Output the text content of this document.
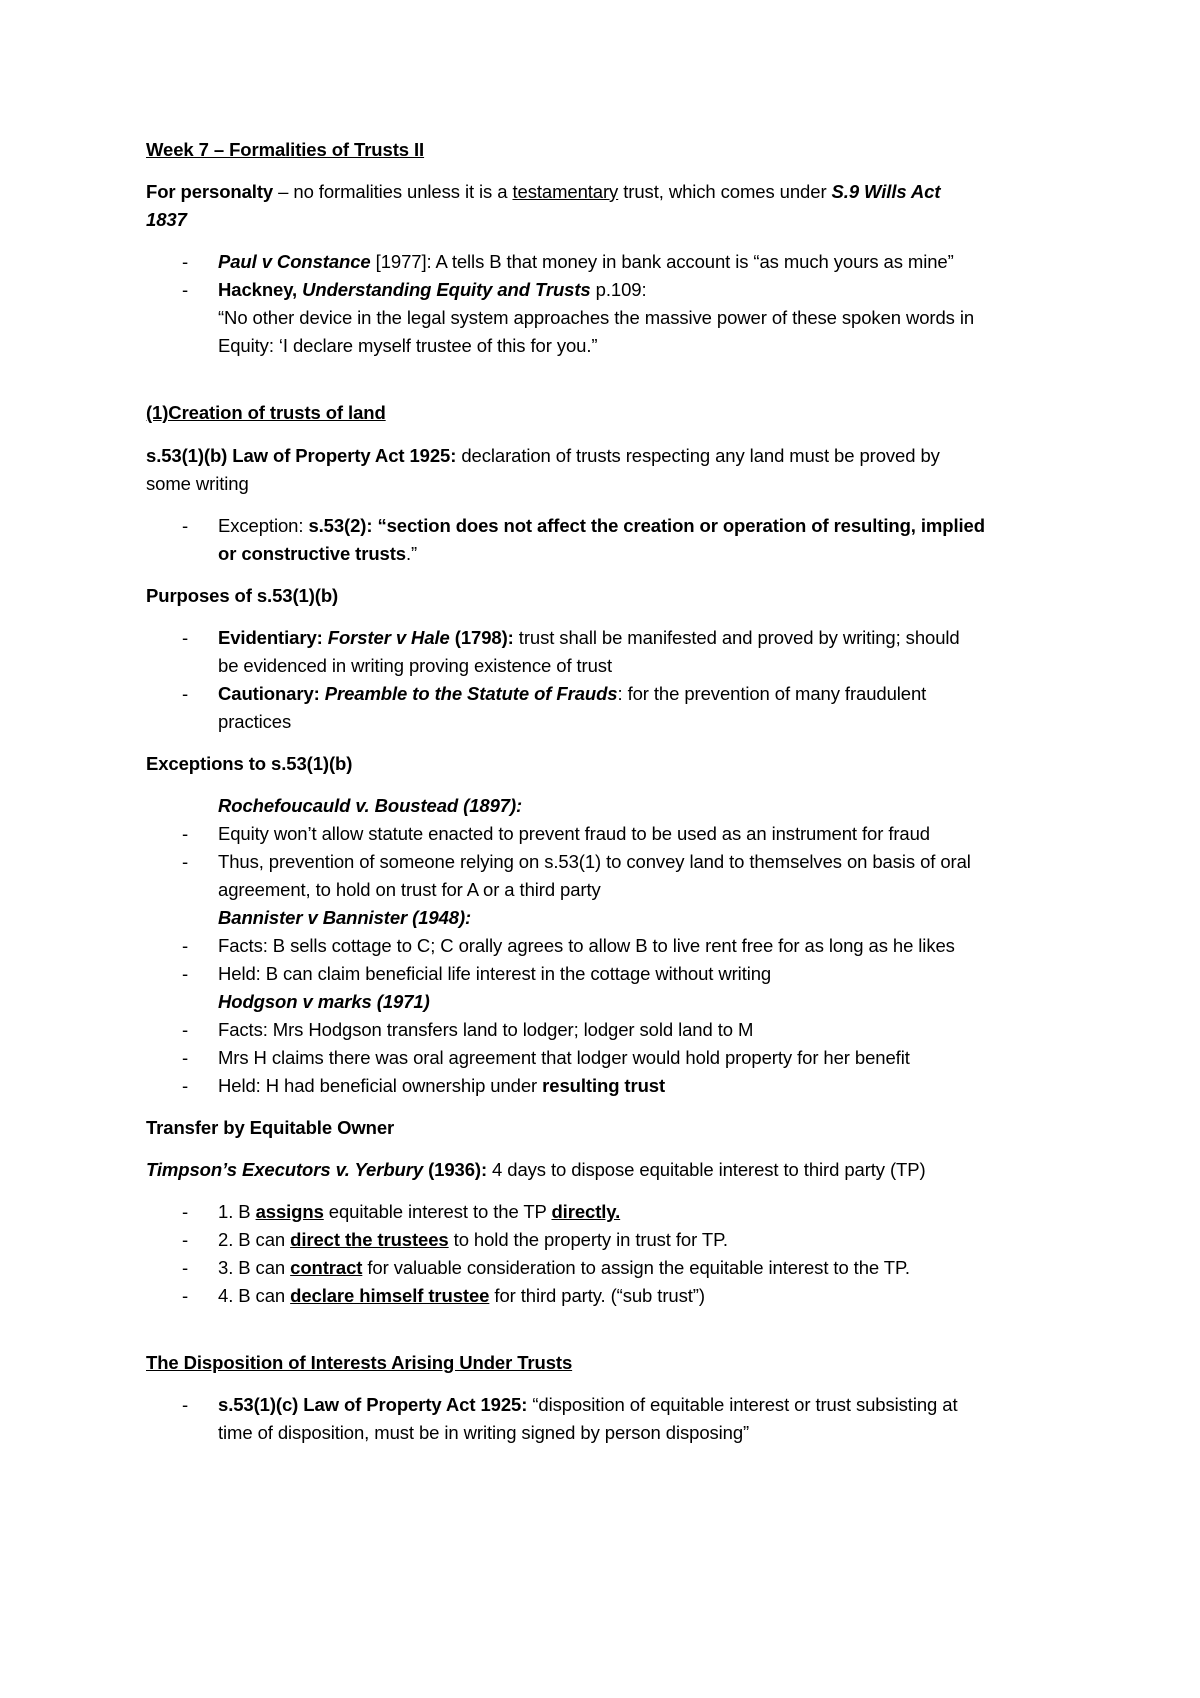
Week 7 – Formalities of Trusts II
For personalty – no formalities unless it is a testamentary trust, which comes under S.9 Wills Act
1837
- Paul v Constance [1977]: A tells B that money in bank account is “as much yours as mine”
- Hackney, Understanding Equity and Trusts p.109:
“No other device in the legal system approaches the massive power of these spoken words in
Equity: ‘I declare myself trustee of this for you.”
(1)Creation of trusts of land
s.53(1)(b) Law of Property Act 1925: declaration of trusts respecting any land must be proved by
some writing
- Exception: s.53(2): “section does not affect the creation or operation of resulting, implied
or constructive trusts.”
Purposes of s.53(1)(b)
- Evidentiary: Forster v Hale (1798): trust shall be manifested and proved by writing; should
be evidenced in writing proving existence of trust
- Cautionary: Preamble to the Statute of Frauds: for the prevention of many fraudulent
practices
Exceptions to s.53(1)(b)
Rochefoucauld v. Boustead (1897):
- Equity won’t allow statute enacted to prevent fraud to be used as an instrument for fraud
- Thus, prevention of someone relying on s.53(1) to convey land to themselves on basis of oral
agreement, to hold on trust for A or a third party
Bannister v Bannister (1948):
- Facts: B sells cottage to C; C orally agrees to allow B to live rent free for as long as he likes
- Held: B can claim beneficial life interest in the cottage without writing
Hodgson v marks (1971)
- Facts: Mrs Hodgson transfers land to lodger; lodger sold land to M
- Mrs H claims there was oral agreement that lodger would hold property for her benefit
- Held: H had beneficial ownership under resulting trust
Transfer by Equitable Owner
Timpson’s Executors v. Yerbury (1936): 4 days to dispose equitable interest to third party (TP)
- 1. B assigns equitable interest to the TP directly.
- 2. B can direct the trustees to hold the property in trust for TP.
- 3. B can contract for valuable consideration to assign the equitable interest to the TP.
- 4. B can declare himself trustee for third party. (“sub trust”)
The Disposition of Interests Arising Under Trusts
- s.53(1)(c) Law of Property Act 1925: “disposition of equitable interest or trust subsisting at
time of disposition, must be in writing signed by person disposing”
